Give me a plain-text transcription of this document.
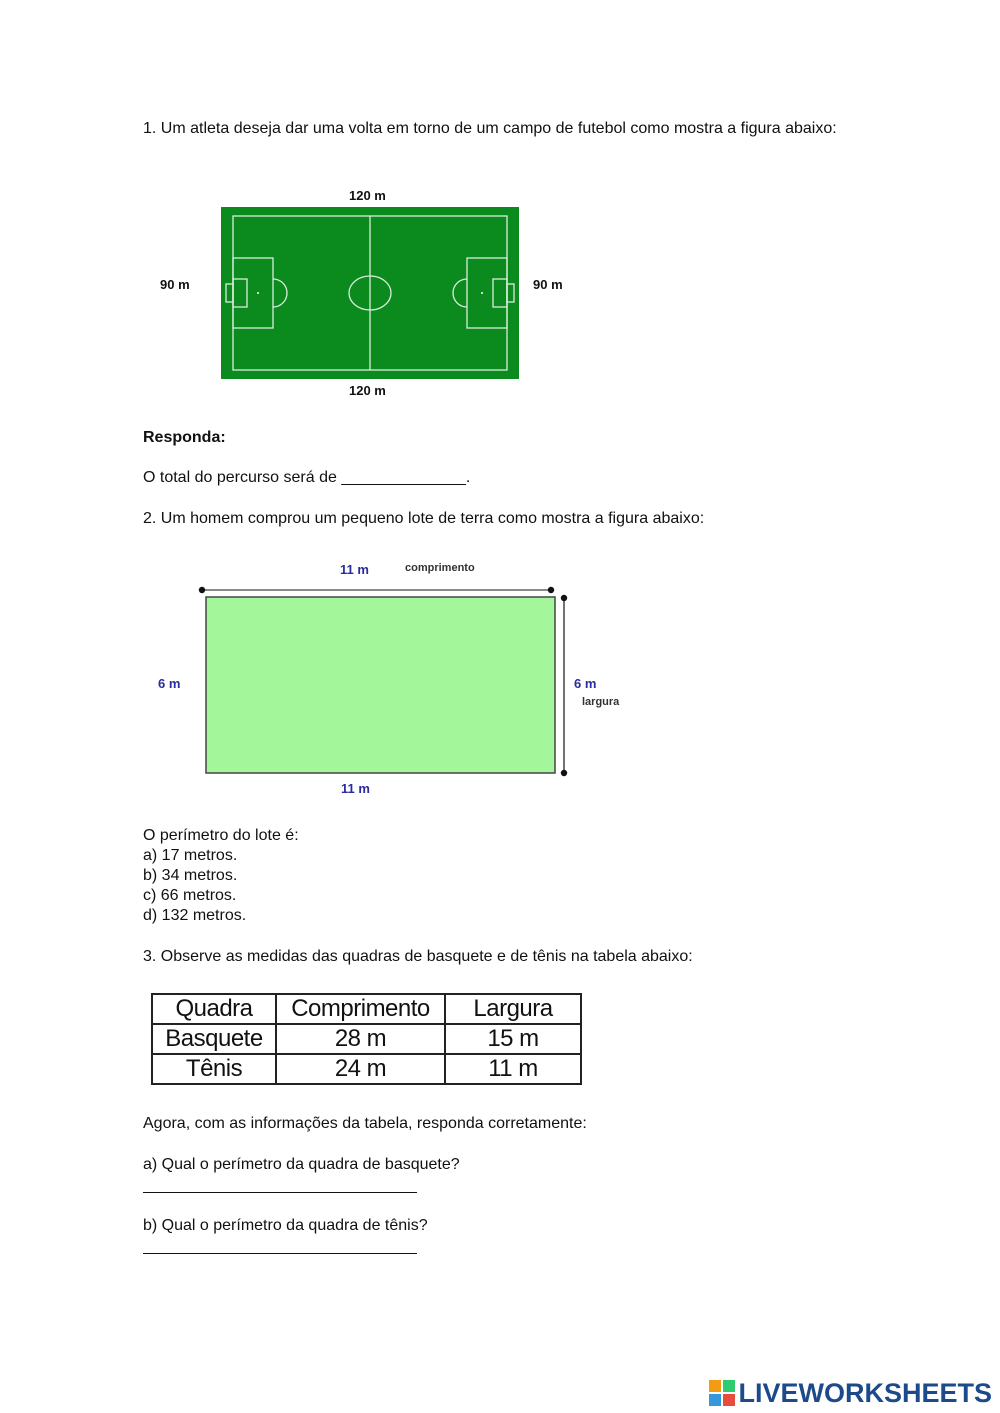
1. Um atleta deseja dar uma volta em torno de um campo de futebol como mostra a figura abaixo:
120 m
120 m
90 m	90 m
Responda:
O total do percurso será de ______________.
2. Um homem comprou um pequeno lote de terra como mostra a figura abaixo:
11 m	comprimento
11 m
6 m	6 m
largura
O perímetro do lote é:
a) 17 metros.
b) 34 metros.
c) 66 metros.
d) 132 metros.
3. Observe as medidas das quadras de basquete e de tênis na tabela abaixo:
Quadra	Comprimento	Largura
Basquete	28 m	15 m
Tênis	24 m	11 m
Agora, com as informações da tabela, responda corretamente:
a) Qual o perímetro da quadra de basquete?
b) Qual o perímetro da quadra de tênis?
LIVEWORKSHEETS
